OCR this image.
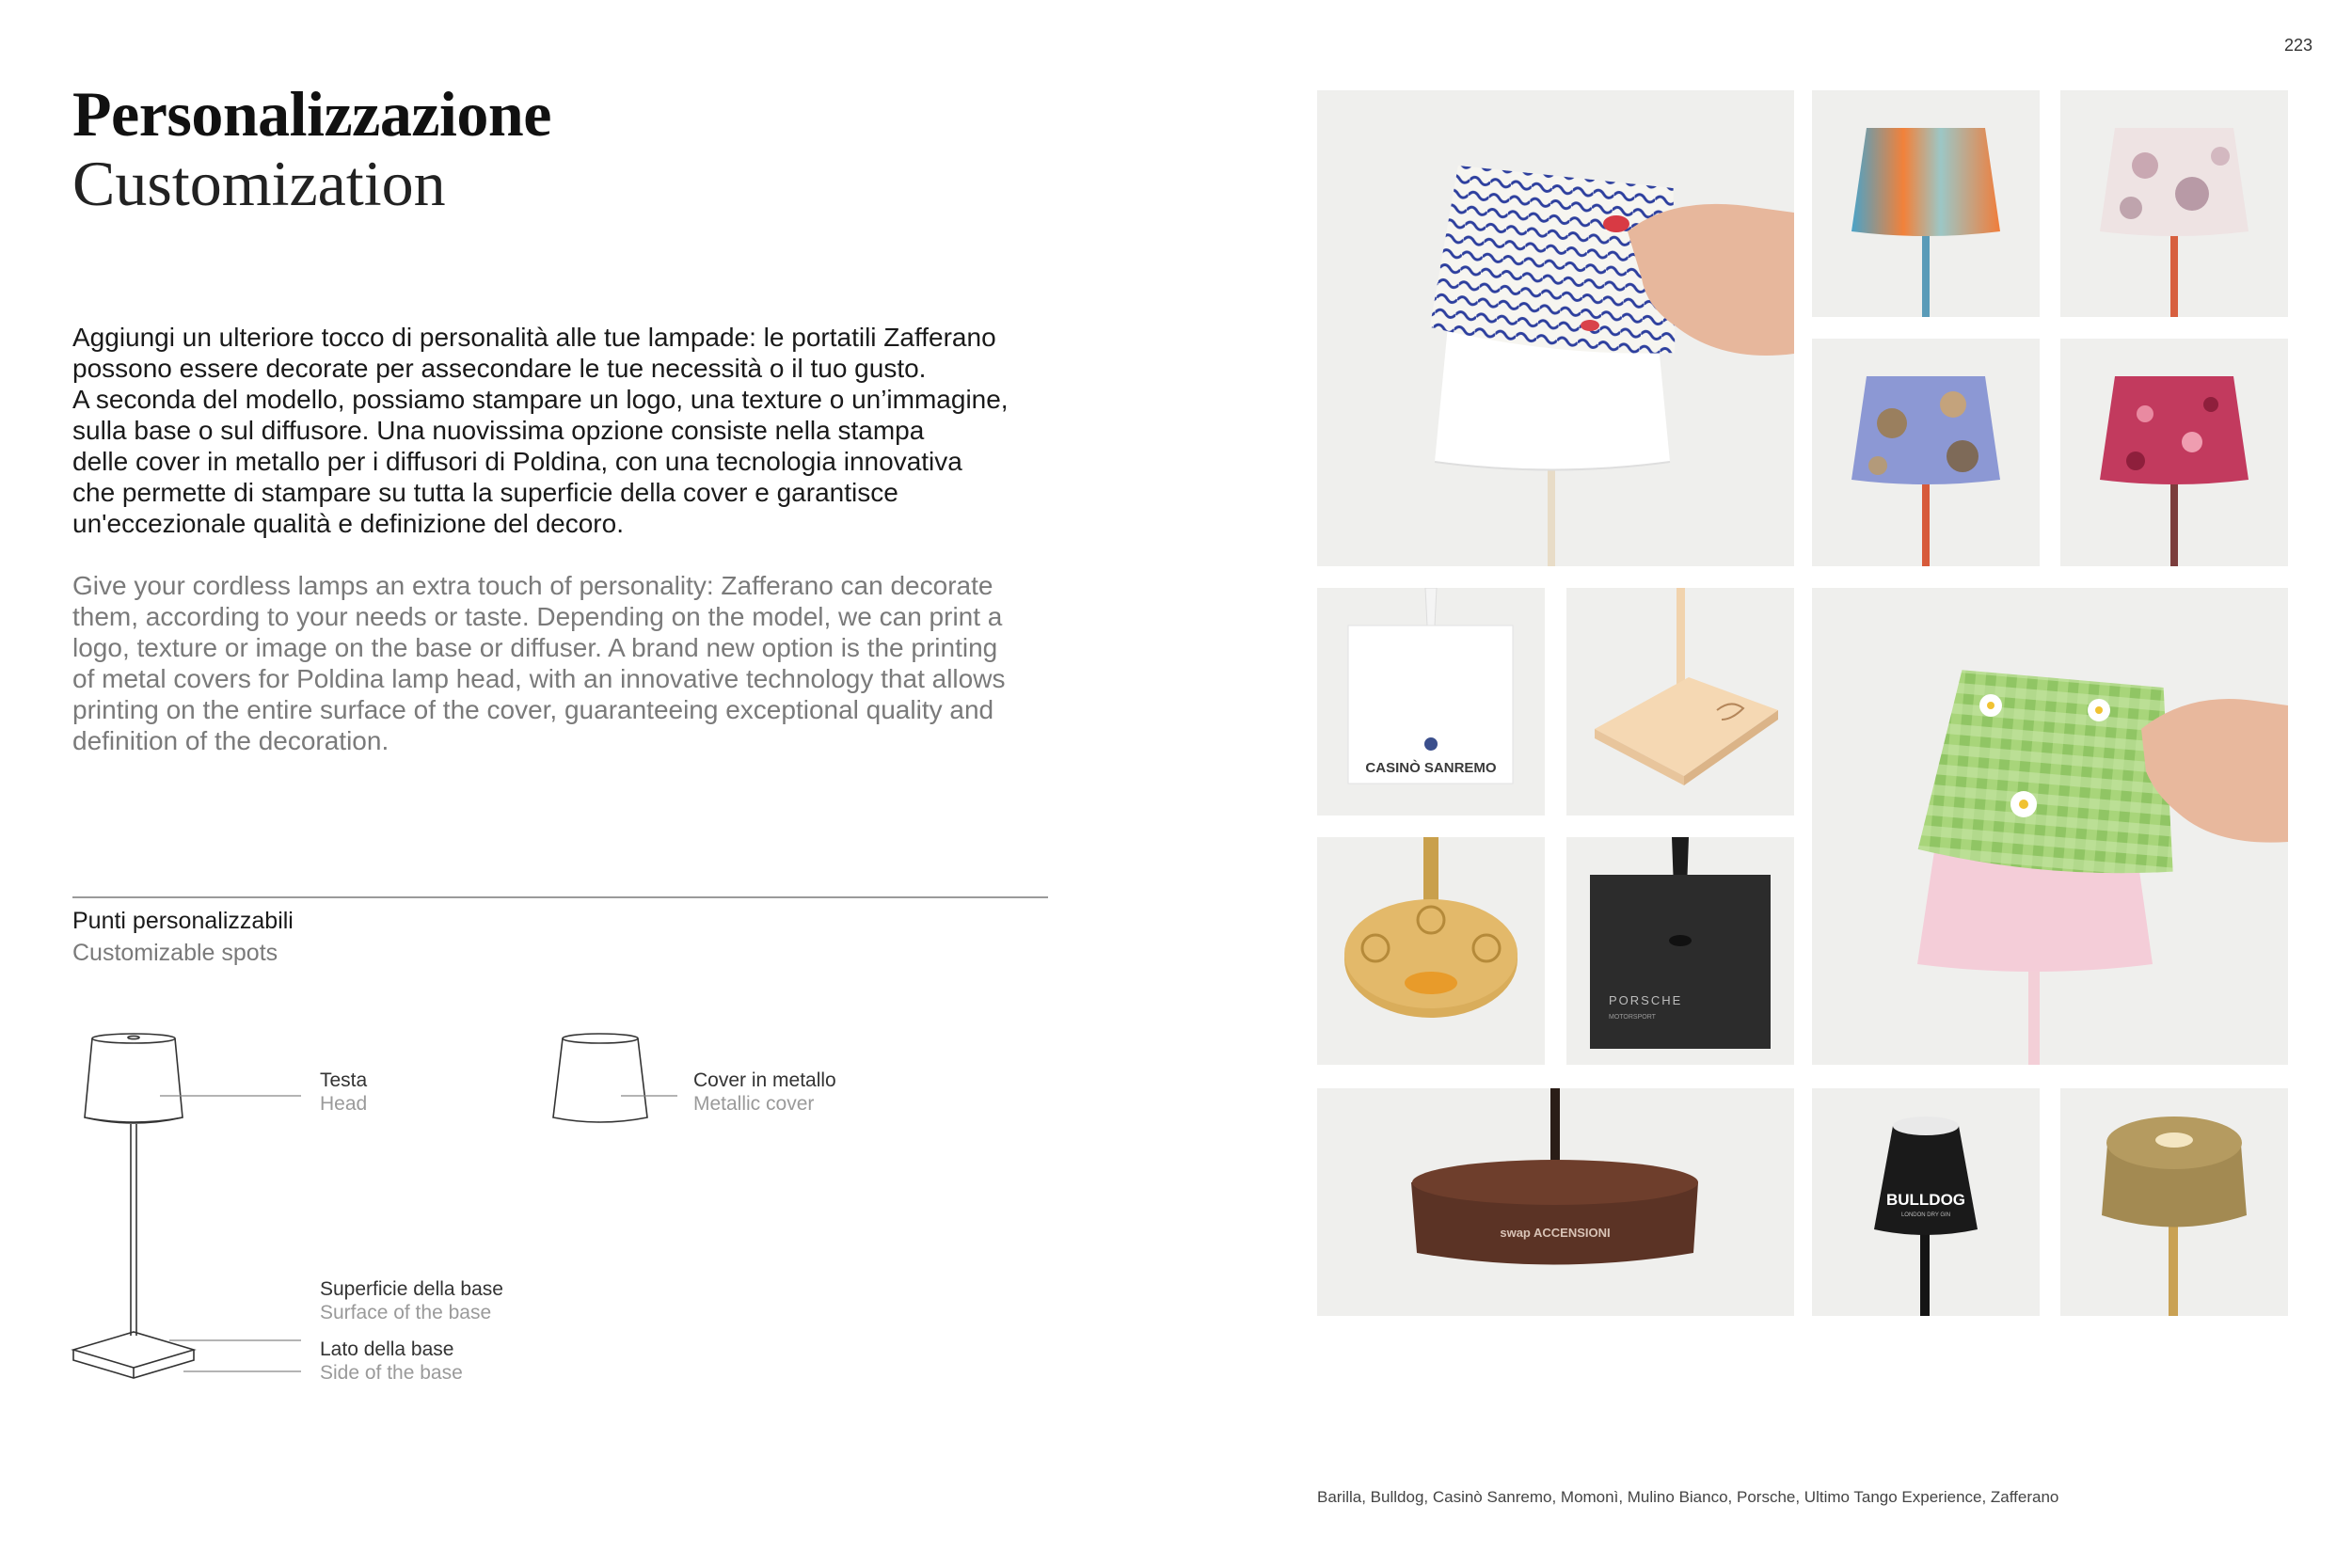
223
Personalizzazione
Customization

Aggiungi un ulteriore tocco di personalità alle tue lampade: le portatili Zafferano

possono essere decorate per assecondare le tue necessità o il tuo gusto.

A seconda del modello, possiamo stampare un logo, una texture o un’immagine,

sulla base o sul diffusore. Una nuovissima opzione consiste nella stampa

delle cover in metallo per i diffusori di Poldina, con una tecnologia innovativa

che permette di stampare su tutta la superficie della cover e garantisce

un'eccezionale qualità e definizione del decoro.

Give your cordless lamps an extra touch of personality: Zafferano can decorate

them, according to your needs or taste. Depending on the model, we can print a

logo, texture or image on the base or diffuser. A brand new option is the printing

of metal covers for Poldina lamp head, with an innovative technology that allows

printing on the entire surface of the cover, guaranteeing exceptional quality and

definition of the decoration.

Punti personalizzabili
Customizable spots
Testa
Head
Cover in metallo
Metallic cover
Superficie della base
Surface of the base
Lato della base
Side of the base
CASINÒ SANREMO
PORSCHE
MOTORSPORT
swap ACCENSIONI
BULLDOG
LONDON DRY GIN
Barilla, Bulldog, Casinò Sanremo, Momonì, Mulino Bianco, Porsche, Ultimo Tango Experience, Zafferano
